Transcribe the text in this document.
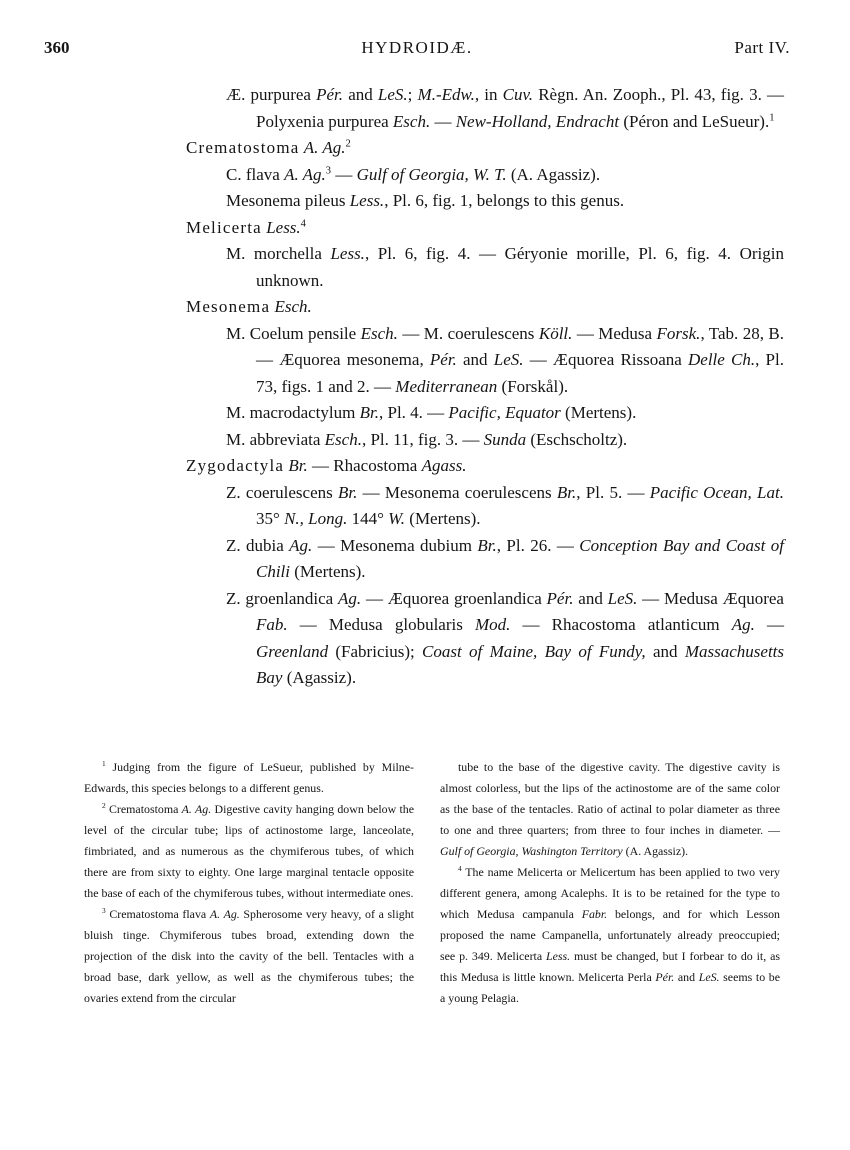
360	HYDROIDÆ.	Part IV.
Æ. purpurea Pér. and LeS.; M.-Edw., in Cuv. Règn. An. Zooph., Pl. 43, fig. 3. — Polyxenia purpurea Esch. — New-Holland, Endracht (Péron and LeSueur).$^1$
Crematostoma A. Ag.$^2$
C. flava A. Ag.$^3$ — Gulf of Georgia, W. T. (A. Agassiz).
Mesonema pileus Less., Pl. 6, fig. 1, belongs to this genus.
Melicerta Less.$^4$
M. morchella Less., Pl. 6, fig. 4. — Géryonie morille, Pl. 6, fig. 4. Origin unknown.
Mesonema Esch.
M. Coelum pensile Esch. — M. coerulescens Köll. — Medusa Forsk., Tab. 28, B. — Æquorea mesonema, Pér. and LeS. — Æquorea Rissoana Delle Ch., Pl. 73, figs. 1 and 2. — Mediterranean (Forskål).
M. macrodactylum Br., Pl. 4. — Pacific, Equator (Mertens).
M. abbreviata Esch., Pl. 11, fig. 3. — Sunda (Eschscholtz).
Zygodactyla Br. — Rhacostoma Agass.
Z. coerulescens Br. — Mesonema coerulescens Br., Pl. 5. — Pacific Ocean, Lat. 35° N., Long. 144° W. (Mertens).
Z. dubia Ag. — Mesonema dubium Br., Pl. 26. — Conception Bay and Coast of Chili (Mertens).
Z. groenlandica Ag. — Æquorea groenlandica Pér. and LeS. — Medusa Æquorea Fab. — Medusa globularis Mod. — Rhacostoma atlanticum Ag. — Greenland (Fabricius); Coast of Maine, Bay of Fundy, and Massachusetts Bay (Agassiz).

$^1$ Judging from the figure of LeSueur, published by Milne-Edwards, this species belongs to a different genus.

$^2$ Crematostoma A. Ag. Digestive cavity hanging down below the level of the circular tube; lips of actinostome large, lanceolate, fimbriated, and as numerous as the chymiferous tubes, of which there are from sixty to eighty. One large marginal tentacle opposite the base of each of the chymiferous tubes, without intermediate ones.

$^3$ Crematostoma flava A. Ag. Spherosome very heavy, of a slight bluish tinge. Chymiferous tubes broad, extending down the projection of the disk into the cavity of the bell. Tentacles with a broad base, dark yellow, as well as the chymiferous tubes; the ovaries extend from the circular

tube to the base of the digestive cavity. The digestive cavity is almost colorless, but the lips of the actinostome are of the same color as the base of the tentacles. Ratio of actinal to polar diameter as three to one and three quarters; from three to four inches in diameter. — Gulf of Georgia, Washington Territory (A. Agassiz).

$^4$ The name Melicerta or Melicertum has been applied to two very different genera, among Acalephs. It is to be retained for the type to which Medusa campanula Fabr. belongs, and for which Lesson proposed the name Campanella, unfortunately already preoccupied; see p. 349. Melicerta Less. must be changed, but I forbear to do it, as this Medusa is little known. Melicerta Perla Pér. and LeS. seems to be a young Pelagia.
